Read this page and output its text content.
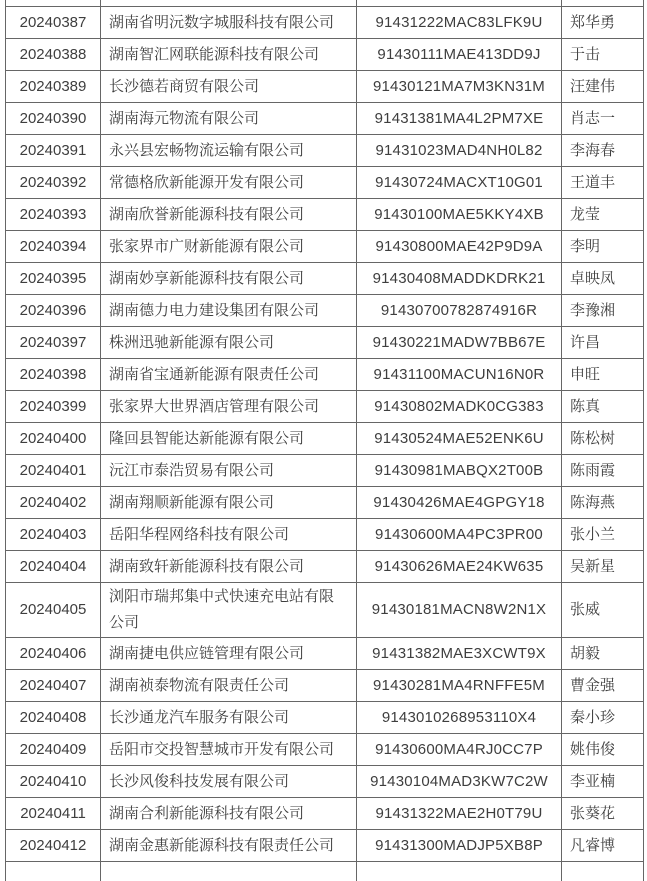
20240387	湖南省明沅数字城服科技有限公司	91431222MAC83LFK9U	郑华勇
20240388	湖南智汇网联能源科技有限公司	91430111MAE413DD9J	于击
20240389	长沙德若商贸有限公司	91430121MA7M3KN31M	汪建伟
20240390	湖南海元物流有限公司	91431381MA4L2PM7XE	肖志一
20240391	永兴县宏畅物流运输有限公司	91431023MAD4NH0L82	李海春
20240392	常德格欣新能源开发有限公司	91430724MACXT10G01	王道丰
20240393	湖南欣誉新能源科技有限公司	91430100MAE5KKY4XB	龙莹
20240394	张家界市广财新能源有限公司	91430800MAE42P9D9A	李明
20240395	湖南妙享新能源科技有限公司	91430408MADDKDRK21	卓映凤
20240396	湖南德力电力建设集团有限公司	91430700782874916R	李豫湘
20240397	株洲迅驰新能源有限公司	91430221MADW7BB67E	许昌
20240398	湖南省宝通新能源有限责任公司	91431100MACUN16N0R	申旺
20240399	张家界大世界酒店管理有限公司	91430802MADK0CG383	陈真
20240400	隆回县智能达新能源有限公司	91430524MAE52ENK6U	陈松树
20240401	沅江市泰浩贸易有限公司	91430981MABQX2T00B	陈雨霞
20240402	湖南翔顺新能源有限公司	91430426MAE4GPGY18	陈海燕
20240403	岳阳华程网络科技有限公司	91430600MA4PC3PR00	张小兰
20240404	湖南致轩新能源科技有限公司	91430626MAE24KW635	吴新星
20240405	浏阳市瑞邦集中式快速充电站有限公司	91430181MACN8W2N1X	张威
20240406	湖南捷电供应链管理有限公司	91431382MAE3XCWT9X	胡毅
20240407	湖南祯泰物流有限责任公司	91430281MA4RNFFE5M	曹金强
20240408	长沙通龙汽车服务有限公司	9143010268953110X4	秦小珍
20240409	岳阳市交投智慧城市开发有限公司	91430600MA4RJ0CC7P	姚伟俊
20240410	长沙风俊科技发展有限公司	91430104MAD3KW7C2W	李亚楠
20240411	湖南合利新能源科技有限公司	91431322MAE2H0T79U	张葵花
20240412	湖南金惠新能源科技有限责任公司	91431300MADJP5XB8P	凡睿博
